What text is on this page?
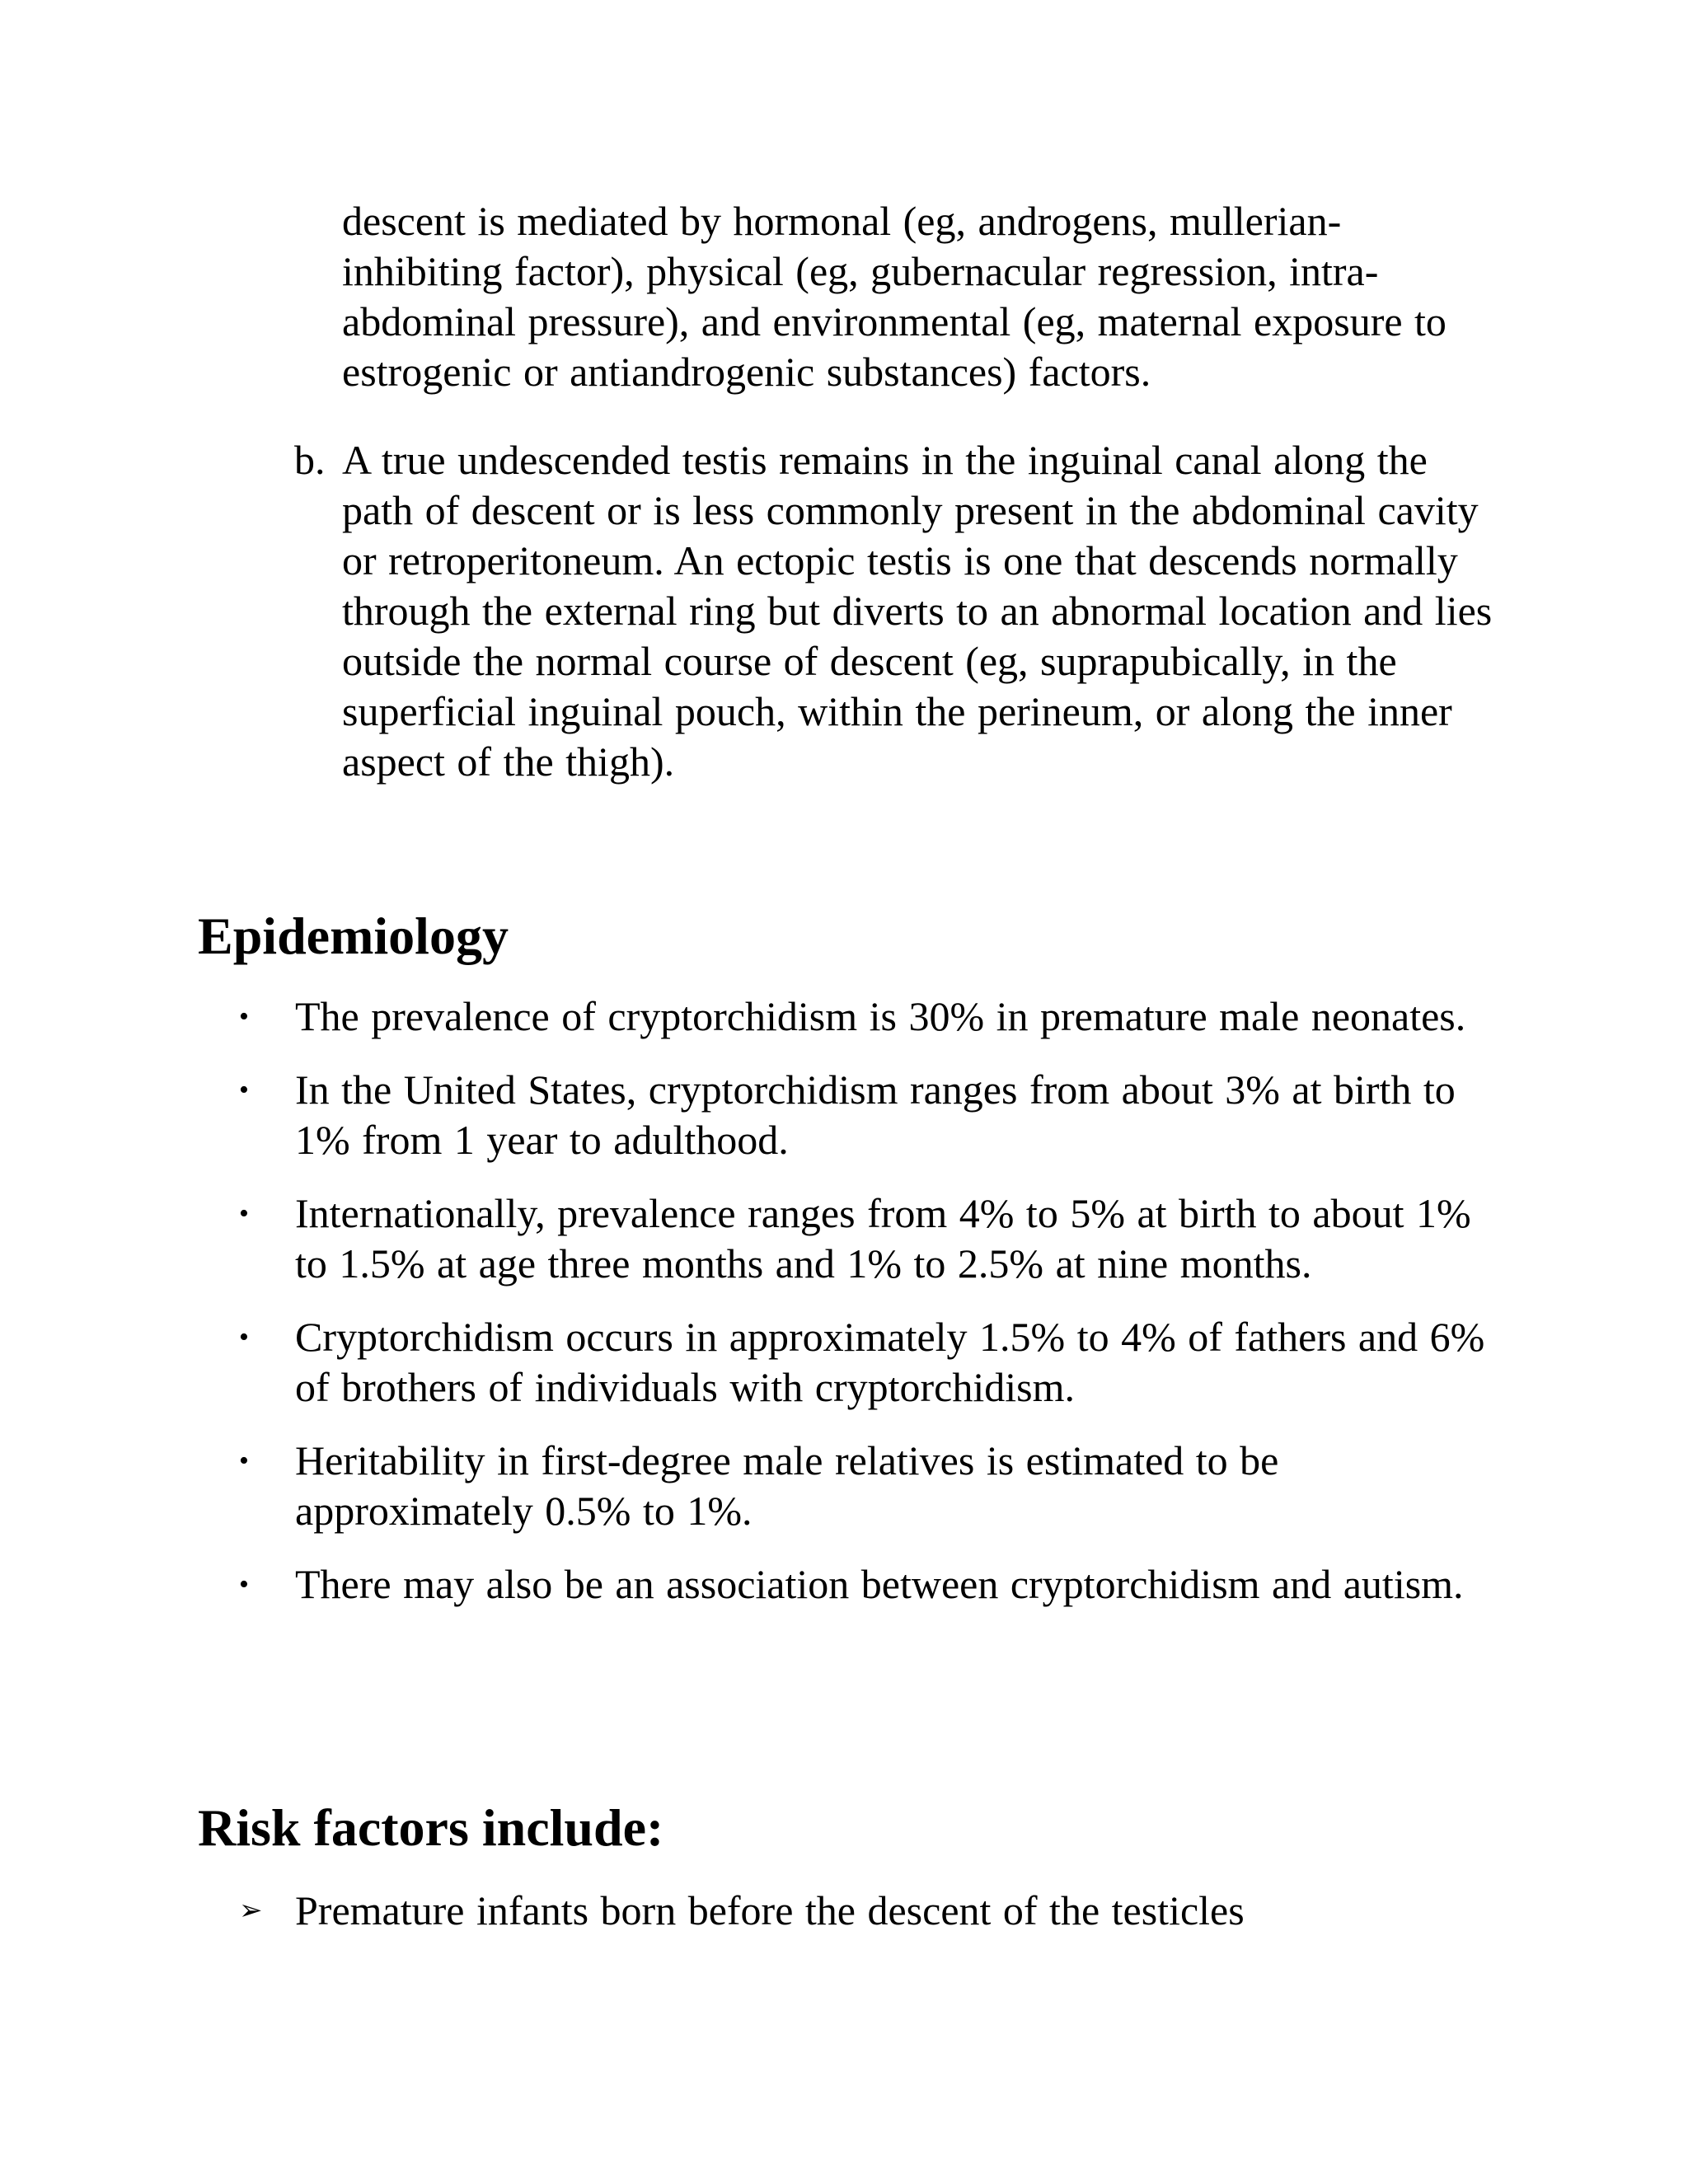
descent is mediated by hormonal (eg, androgens, mullerian-inhibiting factor), physical (eg, gubernacular regression, intra-abdominal pressure), and environmental (eg, maternal exposure to estrogenic or antiandrogenic substances) factors.

b. A true undescended testis remains in the inguinal canal along the path of descent or is less commonly present in the abdominal cavity or retroperitoneum. An ectopic testis is one that descends normally through the external ring but diverts to an abnormal location and lies outside the normal course of descent (eg, suprapubically, in the superficial inguinal pouch, within the perineum, or along the inner aspect of the thigh).
Epidemiology
•	The prevalence of cryptorchidism is 30% in premature male neonates.
•	In the United States, cryptorchidism ranges from about 3% at birth to 1% from 1 year to adulthood.
•	Internationally, prevalence ranges from 4% to 5% at birth to about 1% to 1.5% at age three months and 1% to 2.5% at nine months.
•	Cryptorchidism occurs in approximately 1.5% to 4% of fathers and 6% of brothers of individuals with cryptorchidism.
•	Heritability in first-degree male relatives is estimated to be approximately 0.5% to 1%.
•	There may also be an association between cryptorchidism and autism.
Risk factors include:
➢ Premature infants born before the descent of the testicles
